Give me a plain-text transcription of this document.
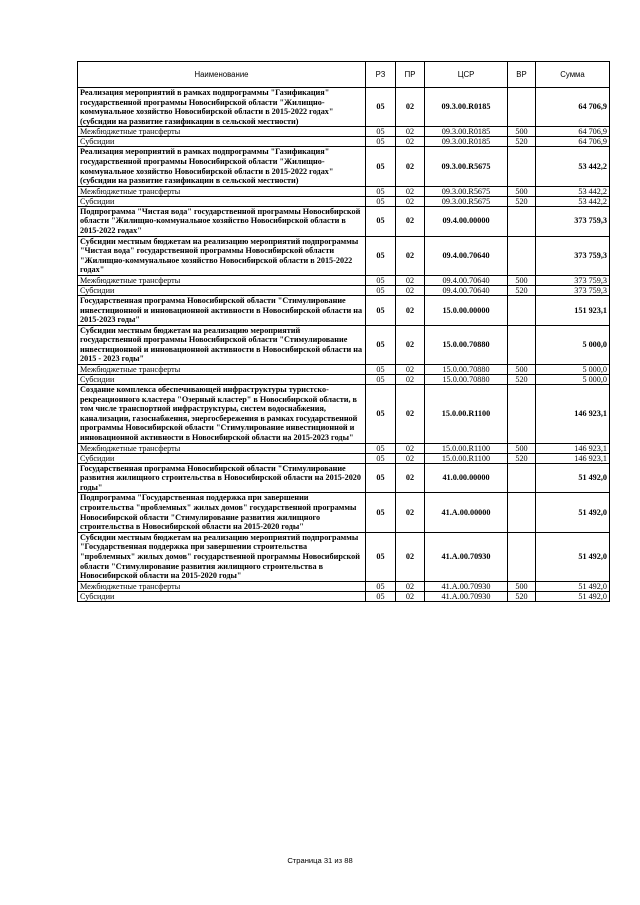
Наименование	РЗ	ПР	ЦСР	ВР	Сумма
Реализация мероприятий в рамках подпрограммы "Газификация" государственной программы Новосибирской области "Жилищно-коммунальное хозяйство Новосибирской области в 2015-2022 годах" (субсидии на развитие газификации в сельской местности)	05	02	09.3.00.R0185		64 706,9
Межбюджетные трансферты	05	02	09.3.00.R0185	500	64 706,9
Субсидии	05	02	09.3.00.R0185	520	64 706,9
Реализация мероприятий в рамках подпрограммы "Газификация" государственной программы Новосибирской области "Жилищно-коммунальное хозяйство Новосибирской области в 2015-2022 годах" (субсидии на развитие газификации в сельской местности)	05	02	09.3.00.R5675		53 442,2
Межбюджетные трансферты	05	02	09.3.00.R5675	500	53 442,2
Субсидии	05	02	09.3.00.R5675	520	53 442,2
Подпрограмма "Чистая вода" государственной программы Новосибирской области "Жилищно-коммунальное хозяйство Новосибирской области в 2015-2022 годах"	05	02	09.4.00.00000		373 759,3
Субсидии местным бюджетам на реализацию мероприятий подпрограммы "Чистая вода" государственной программы Новосибирской области "Жилищно-коммунальное хозяйство Новосибирской области в 2015-2022 годах"	05	02	09.4.00.70640		373 759,3
Межбюджетные трансферты	05	02	09.4.00.70640	500	373 759,3
Субсидии	05	02	09.4.00.70640	520	373 759,3
Государственная программа Новосибирской области "Стимулирование инвестиционной и инновационной активности в Новосибирской области на 2015-2023 годы"	05	02	15.0.00.00000		151 923,1
Субсидии местным бюджетам на реализацию мероприятий государственной программы Новосибирской области "Стимулирование инвестиционной и инновационной активности в Новосибирской области на 2015 - 2023 годы"	05	02	15.0.00.70880		5 000,0
Межбюджетные трансферты	05	02	15.0.00.70880	500	5 000,0
Субсидии	05	02	15.0.00.70880	520	5 000,0
Создание комплекса обеспечивающей инфраструктуры туристско-рекреационного кластера "Озерный кластер" в Новосибирской области, в том числе транспортной инфраструктуры, систем водоснабжения, канализации, газоснабжения, энергосбережения в рамках государственной программы Новосибирской области "Стимулирование инвестиционной и инновационной активности в Новосибирской области на 2015-2023 годы"	05	02	15.0.00.R1100		146 923,1
Межбюджетные трансферты	05	02	15.0.00.R1100	500	146 923,1
Субсидии	05	02	15.0.00.R1100	520	146 923,1
Государственная программа Новосибирской области "Стимулирование развития жилищного строительства в Новосибирской области на 2015-2020 годы"	05	02	41.0.00.00000		51 492,0
Подпрограмма "Государственная поддержка при завершении строительства "проблемных" жилых домов" государственной программы Новосибирской области "Стимулирование развития жилищного строительства в Новосибирской области на 2015-2020 годы"	05	02	41.А.00.00000		51 492,0
Субсидии местным бюджетам на реализацию мероприятий подпрограммы "Государственная поддержка при завершении строительства "проблемных" жилых домов" государственной программы Новосибирской области "Стимулирование развития жилищного строительства в Новосибирской области на 2015-2020 годы"	05	02	41.А.00.70930		51 492,0
Межбюджетные трансферты	05	02	41.А.00.70930	500	51 492,0
Субсидии	05	02	41.А.00.70930	520	51 492,0
Страница 31 из 88
